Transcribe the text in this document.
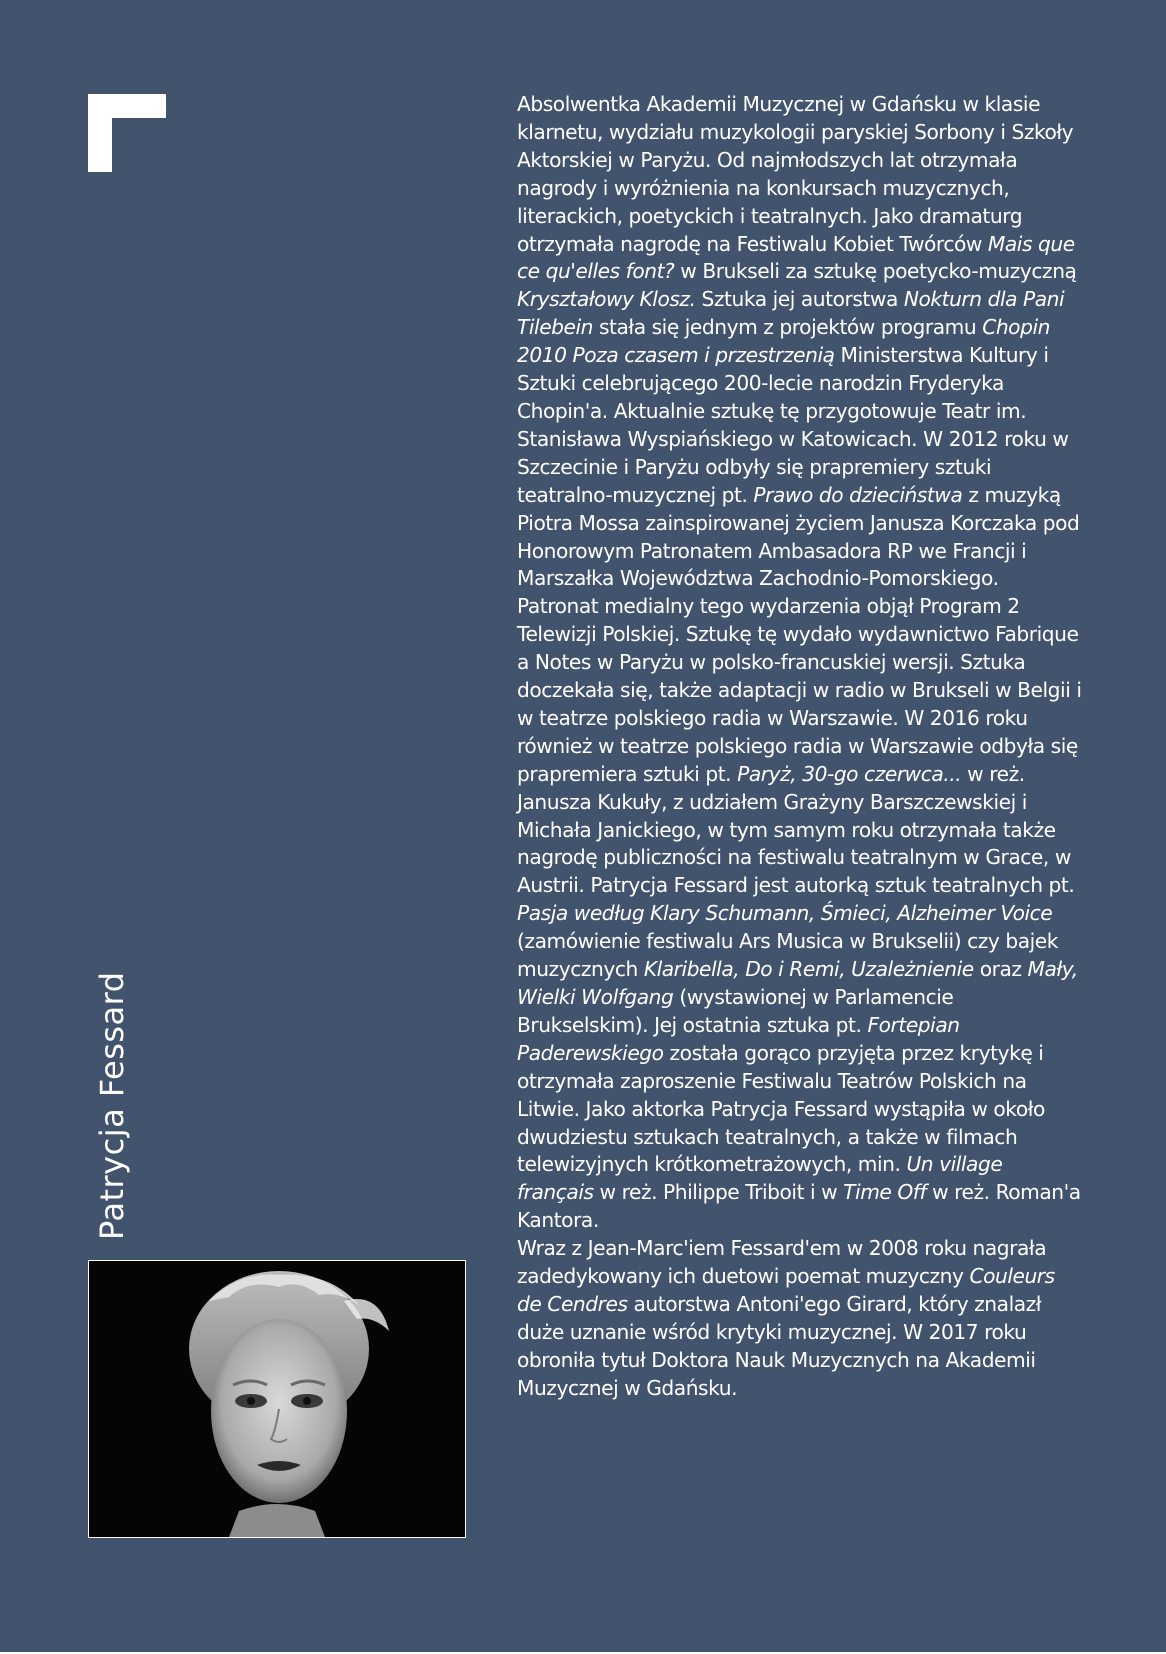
Patrycja Fessard

Absolwentka Akademii Muzycznej w Gdańsku w klasie klarnetu, wydziału muzykologii paryskiej Sorbony i Szkoły Aktorskiej w Paryżu. Od najmłodszych lat otrzymała nagrody i wyróżnienia na konkursach muzycznych, literackich, poetyckich i teatralnych. Jako dramaturg otrzymała nagrodę na Festiwalu Kobiet Twórców Mais que ce qu'elles font? w Brukseli za sztukę poetycko-muzyczną Kryształowy Klosz. Sztuka jej autorstwa Nokturn dla Pani Tilebein stała się jednym z projektów programu Chopin 2010 Poza czasem i przestrzenią Ministerstwa Kultury i Sztuki celebrującego 200-lecie narodzin Fryderyka Chopin'a. Aktualnie sztukę tę przygotowuje Teatr im. Stanisława Wyspiańskiego w Katowicach. W 2012 roku w Szczecinie i Paryżu odbyły się prapremiery sztuki teatralno-muzycznej pt. Prawo do dzieciństwa z muzyką Piotra Mossa zainspirowanej życiem Janusza Korczaka pod Honorowym Patronatem Ambasadora RP we Francji i Marszałka Województwa Zachodnio-Pomorskiego. Patronat medialny tego wydarzenia objął Program 2 Telewizji Polskiej. Sztukę tę wydało wydawnictwo Fabrique a Notes w Paryżu w polsko-francuskiej wersji. Sztuka doczekała się, także adaptacji w radio w Brukseli w Belgii i w teatrze polskiego radia w Warszawie. W 2016 roku również w teatrze polskiego radia w Warszawie odbyła się prapremiera sztuki pt. Paryż, 30-go czerwca... w reż. Janusza Kukuły, z udziałem Grażyny Barszczewskiej i Michała Janickiego, w tym samym roku otrzymała także nagrodę publiczności na festiwalu teatralnym w Grace, w Austrii. Patrycja Fessard jest autorką sztuk teatralnych pt. Pasja według Klary Schumann, Śmieci, Alzheimer Voice (zamówienie festiwalu Ars Musica w Brukselii) czy bajek muzycznych Klaribella, Do i Remi, Uzależnienie oraz Mały, Wielki Wolfgang (wystawionej w Parlamencie Brukselskim). Jej ostatnia sztuka pt. Fortepian Paderewskiego została gorąco przyjęta przez krytykę i otrzymała zaproszenie Festiwalu Teatrów Polskich na Litwie. Jako aktorka Patrycja Fessard wystąpiła w około dwudziestu sztukach teatralnych, a także w filmach telewizyjnych krótkometrażowych, min. Un village français w reż. Philippe Triboit i w Time Off w reż. Roman'a Kantora.

Wraz z Jean-Marc'iem Fessard'em w 2008 roku nagrała zadedykowany ich duetowi poemat muzyczny Couleurs de Cendres autorstwa Antoni'ego Girard, który znalazł duże uznanie wśród krytyki muzycznej. W 2017 roku obroniła tytuł Doktora Nauk Muzycznych na Akademii Muzycznej w Gdańsku.
